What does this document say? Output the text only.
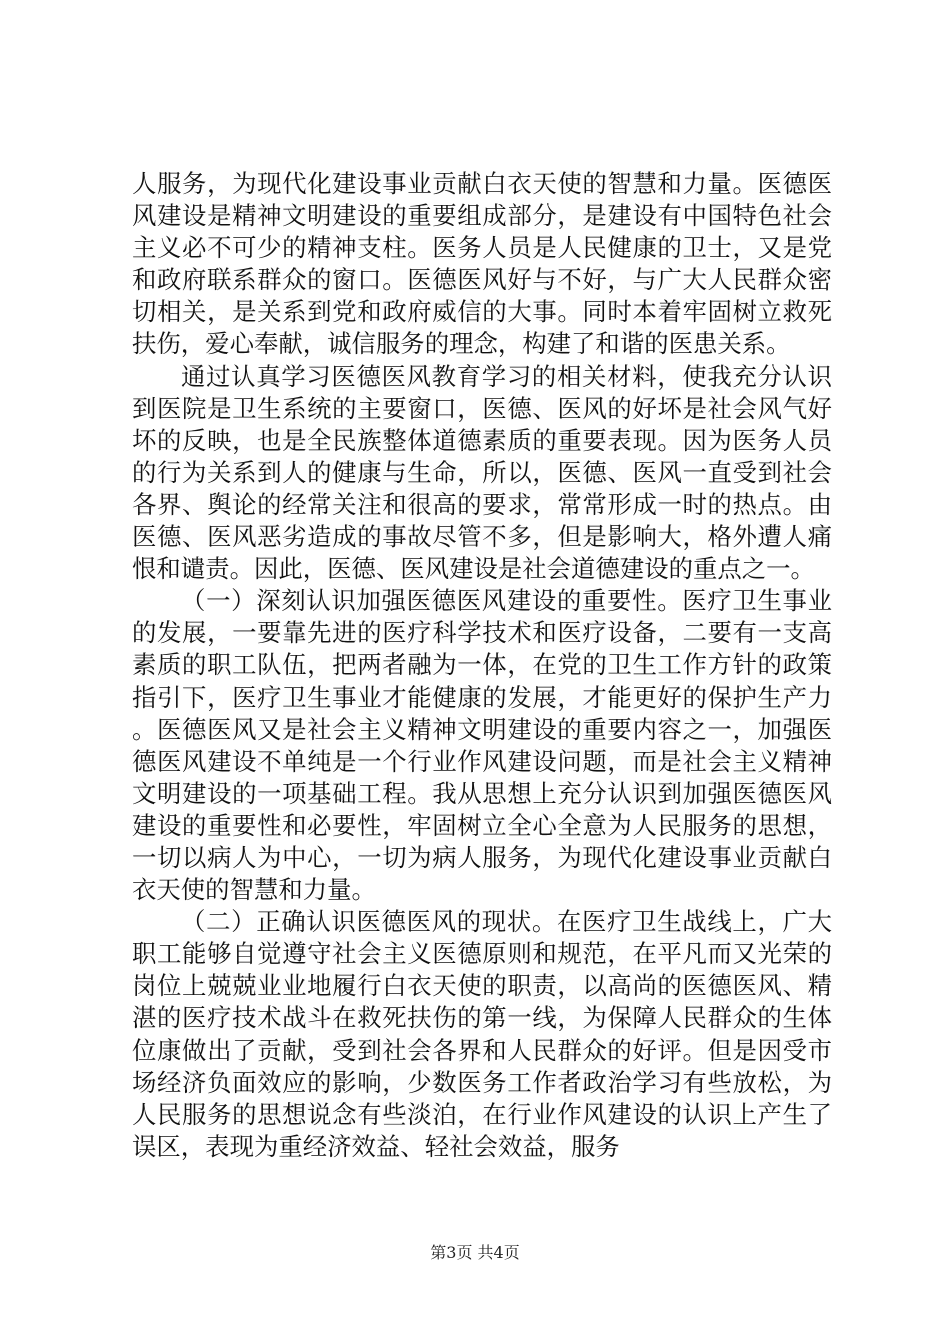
人服务，为现代化建设事业贡献白衣天使的智慧和力量。医德医风建设是精神文明建设的重要组成部分，是建设有中国特色社会主义必不可少的精神支柱。医务人员是人民健康的卫士，又是党和政府联系群众的窗口。医德医风好与不好，与广大人民群众密切相关，是关系到党和政府威信的大事。同时本着牢固树立救死扶伤，爱心奉献，诚信服务的理念，构建了和谐的医患关系。

通过认真学习医德医风教育学习的相关材料，使我充分认识到医院是卫生系统的主要窗口，医德、医风的好坏是社会风气好坏的反映，也是全民族整体道德素质的重要表现。因为医务人员的行为关系到人的健康与生命，所以，医德、医风一直受到社会各界、舆论的经常关注和很高的要求，常常形成一时的热点。由医德、医风恶劣造成的事故尽管不多，但是影响大，格外遭人痛恨和谴责。因此，医德、医风建设是社会道德建设的重点之一。

（一）深刻认识加强医德医风建设的重要性。医疗卫生事业的发展，一要靠先进的医疗科学技术和医疗设备，二要有一支高素质的职工队伍，把两者融为一体，在党的卫生工作方针的政策指引下，医疗卫生事业才能健康的发展，才能更好的保护生产力。医德医风又是社会主义精神文明建设的重要内容之一，加强医德医风建设不单纯是一个行业作风建设问题，而是社会主义精神文明建设的一项基础工程。我从思想上充分认识到加强医德医风建设的重要性和必要性，牢固树立全心全意为人民服务的思想，一切以病人为中心，一切为病人服务，为现代化建设事业贡献白衣天使的智慧和力量。

（二）正确认识医德医风的现状。在医疗卫生战线上，广大职工能够自觉遵守社会主义医德原则和规范，在平凡而又光荣的岗位上兢兢业业地履行白衣天使的职责，以高尚的医德医风、精湛的医疗技术战斗在救死扶伤的第一线，为保障人民群众的生体位康做出了贡献，受到社会各界和人民群众的好评。但是因受市场经济负面效应的影响，少数医务工作者政治学习有些放松，为人民服务的思想说念有些淡泊，在行业作风建设的认识上产生了误区，表现为重经济效益、轻社会效益，服务

第3页 共4页
